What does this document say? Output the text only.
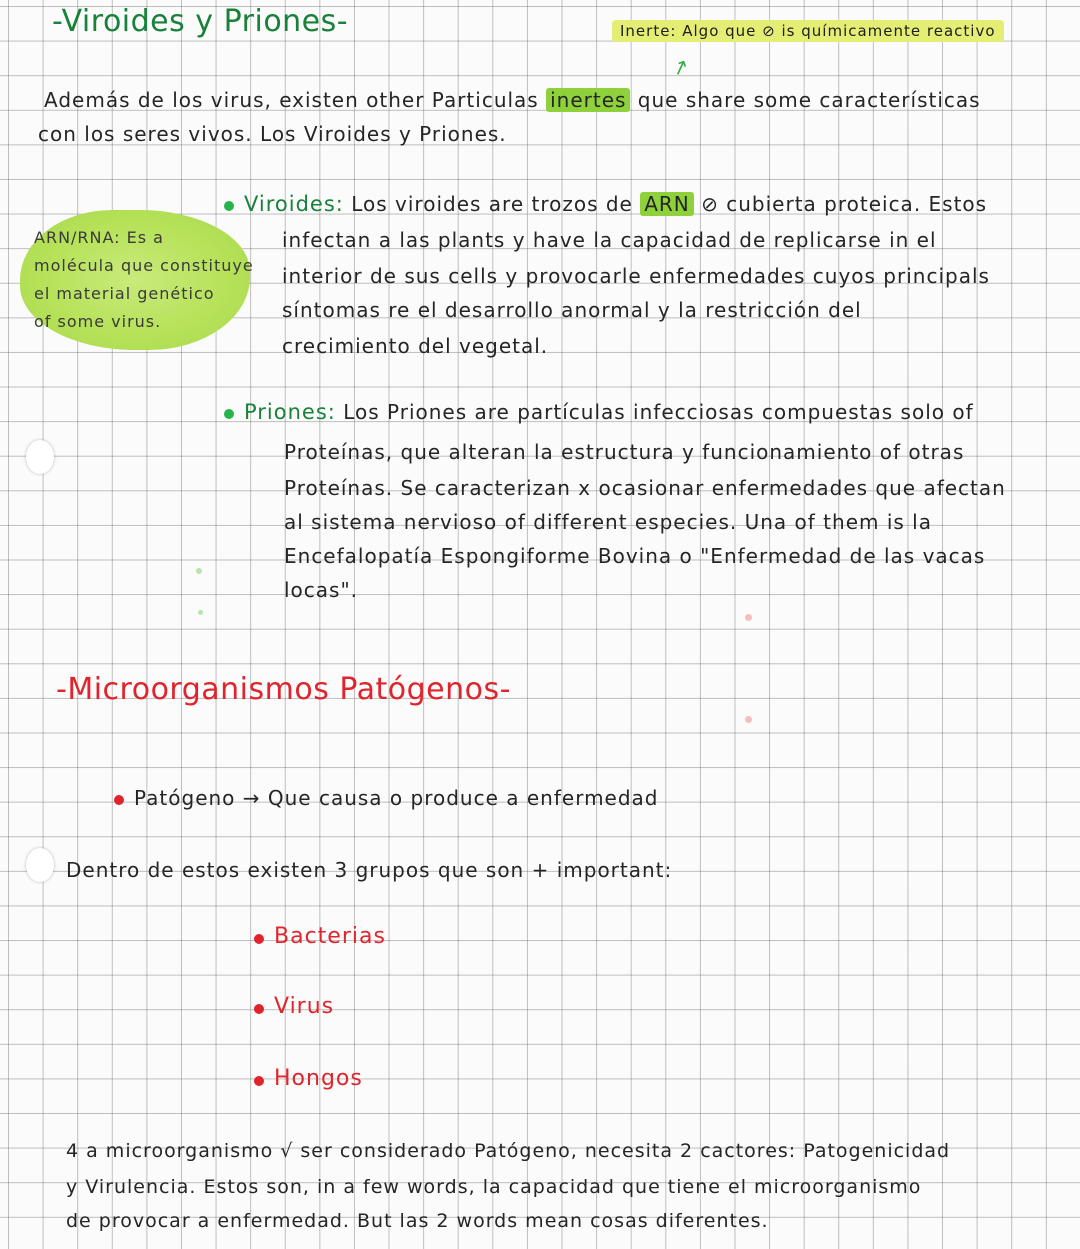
-Viroides y Priones-	Inerte: Algo que ⊘ is químicamente reactivo
↗
Además de los virus, existen other Particulas inertes que share some características
con los seres vivos. Los Viroides y Priones.
ARN/RNA: Es a
molécula que constituye
el material genético
of some virus.
Viroides: Los viroides are trozos de ARN ⊘ cubierta proteica. Estos
infectan a las plants y have la capacidad de replicarse in el
interior de sus cells y provocarle enfermedades cuyos principals
síntomas re el desarrollo anormal y la restricción del
crecimiento del vegetal.
Priones: Los Priones are partículas infecciosas compuestas solo of
Proteínas, que alteran la estructura y funcionamiento of otras
Proteínas. Se caracterizan x ocasionar enfermedades que afectan
al sistema nervioso of different especies. Una of them is la
Encefalopatía Espongiforme Bovina o "Enfermedad de las vacas
locas".
-Microorganismos Patógenos-
Patógeno → Que causa o produce a enfermedad
Dentro de estos existen 3 grupos que son + important:
Bacterias
Virus
Hongos
4 a microorganismo √ ser considerado Patógeno, necesita 2 cactores: Patogenicidad
y Virulencia. Estos son, in a few words, la capacidad que tiene el microorganismo
de provocar a enfermedad. But las 2 words mean cosas diferentes.
